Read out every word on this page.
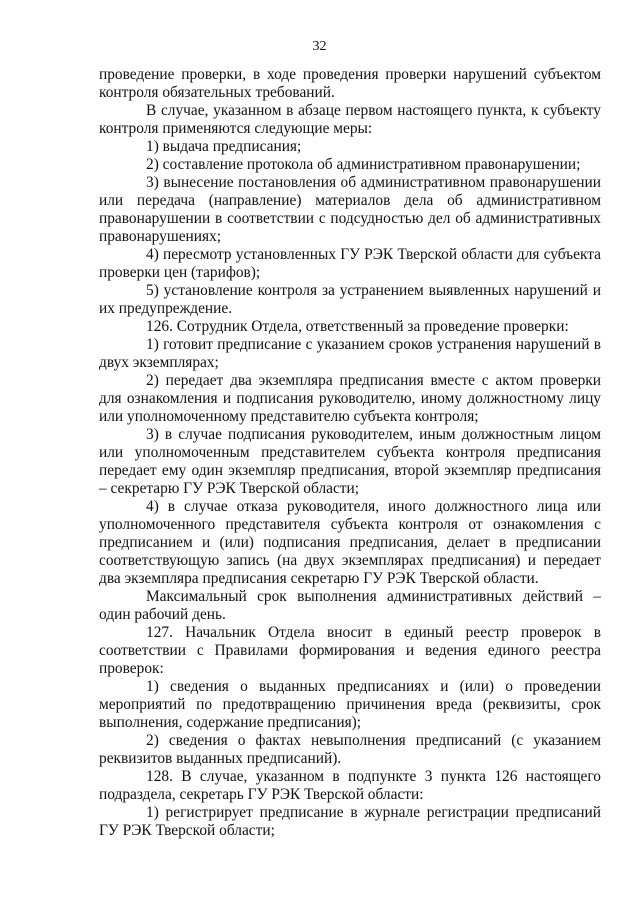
32

проведение проверки, в ходе проведения проверки нарушений субъектом контроля обязательных требований.

В случае, указанном в абзаце первом настоящего пункта, к субъекту контроля применяются следующие меры:

1) выдача предписания;

2) составление протокола об административном правонарушении;

3) вынесение постановления об административном правонарушении или передача (направление) материалов дела об административном правонарушении в соответствии с подсудностью дел об административных правонарушениях;

4) пересмотр установленных ГУ РЭК Тверской области для субъекта проверки цен (тарифов);

5) установление контроля за устранением выявленных нарушений и их предупреждение.

126. Сотрудник Отдела, ответственный за проведение проверки:

1) готовит предписание с указанием сроков устранения нарушений в двух экземплярах;

2) передает два экземпляра предписания вместе с актом проверки для ознакомления и подписания руководителю, иному должностному лицу или уполномоченному представителю субъекта контроля;

3) в случае подписания руководителем, иным должностным лицом или уполномоченным представителем субъекта контроля предписания передает ему один экземпляр предписания, второй экземпляр предписания – секретарю ГУ РЭК Тверской области;

4) в случае отказа руководителя, иного должностного лица или уполномоченного представителя субъекта контроля от ознакомления с предписанием и (или) подписания предписания, делает в предписании соответствующую запись (на двух экземплярах предписания) и передает два экземпляра предписания секретарю ГУ РЭК Тверской области.

Максимальный срок выполнения административных действий – один рабочий день.

127. Начальник Отдела вносит в единый реестр проверок в соответствии с Правилами формирования и ведения единого реестра проверок:

1) сведения о выданных предписаниях и (или) о проведении мероприятий по предотвращению причинения вреда (реквизиты, срок выполнения, содержание предписания);

2) сведения о фактах невыполнения предписаний (с указанием реквизитов выданных предписаний).

128. В случае, указанном в подпункте 3 пункта 126 настоящего подраздела, секретарь ГУ РЭК Тверской области:

1) регистрирует предписание в журнале регистрации предписаний ГУ РЭК Тверской области;
